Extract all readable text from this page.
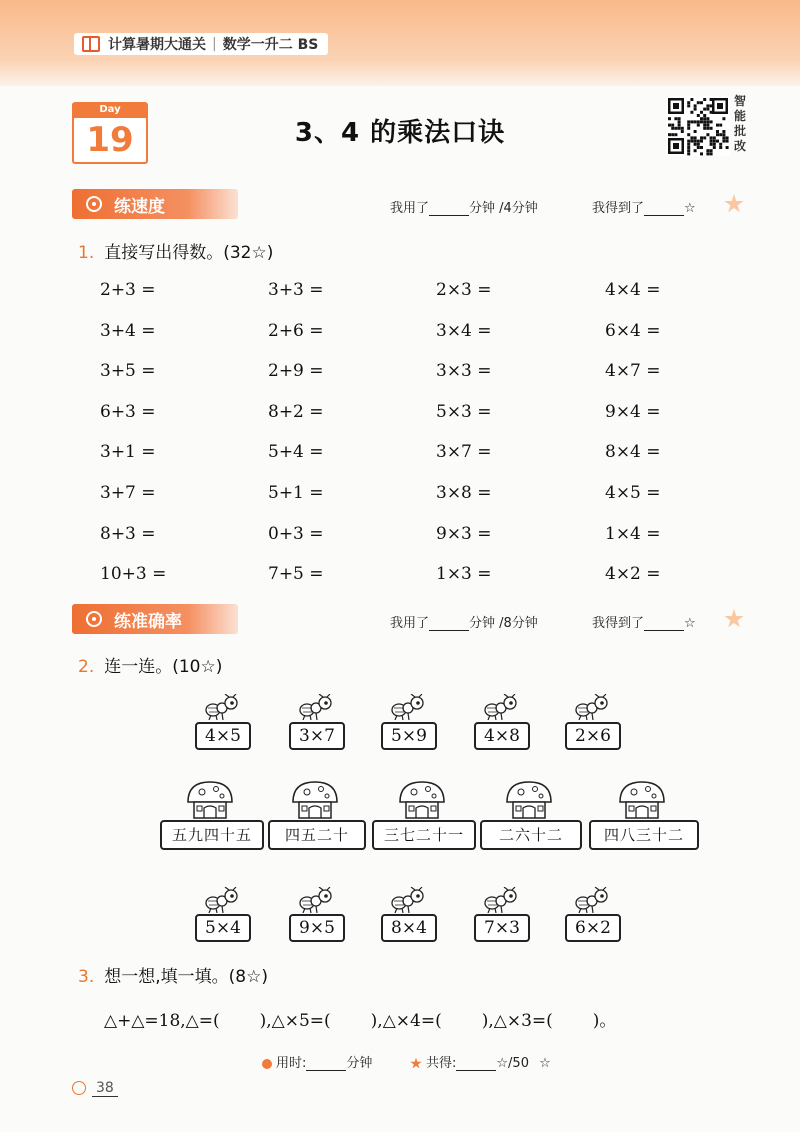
计算暑期大通关 | 数学一升二 BS
Day
19	3、4 的乘法口诀
智
能
批
改
练速度	我用了	分钟 /4分钟	我得到了	☆
1. 直接写出得数。(32☆)
2+3 =	3+3 =	2×3 =	4×4 =
3+4 =	2+6 =	3×4 =	6×4 =
3+5 =	2+9 =	3×3 =	4×7 =
6+3 =	8+2 =	5×3 =	9×4 =
3+1 =	5+4 =	3×7 =	8×4 =
3+7 =	5+1 =	3×8 =	4×5 =
8+3 =	0+3 =	9×3 =	1×4 =
10+3 =	7+5 =	1×3 =	4×2 =
练准确率	我用了	分钟 /8分钟	我得到了	☆
2. 连一连。(10☆)
4×5	3×7	5×9	4×8	2×6
五九四十五	四五二十	三七二十一	二六十二	四八三十二
5×4	9×5	8×4	7×3	6×2
3. 想一想,填一填。(8☆)
△+△=18,△=( ),△×5=( ),△×4=( ),△×3=( )。
用时:	分钟	共得:	☆/50 ☆
38
